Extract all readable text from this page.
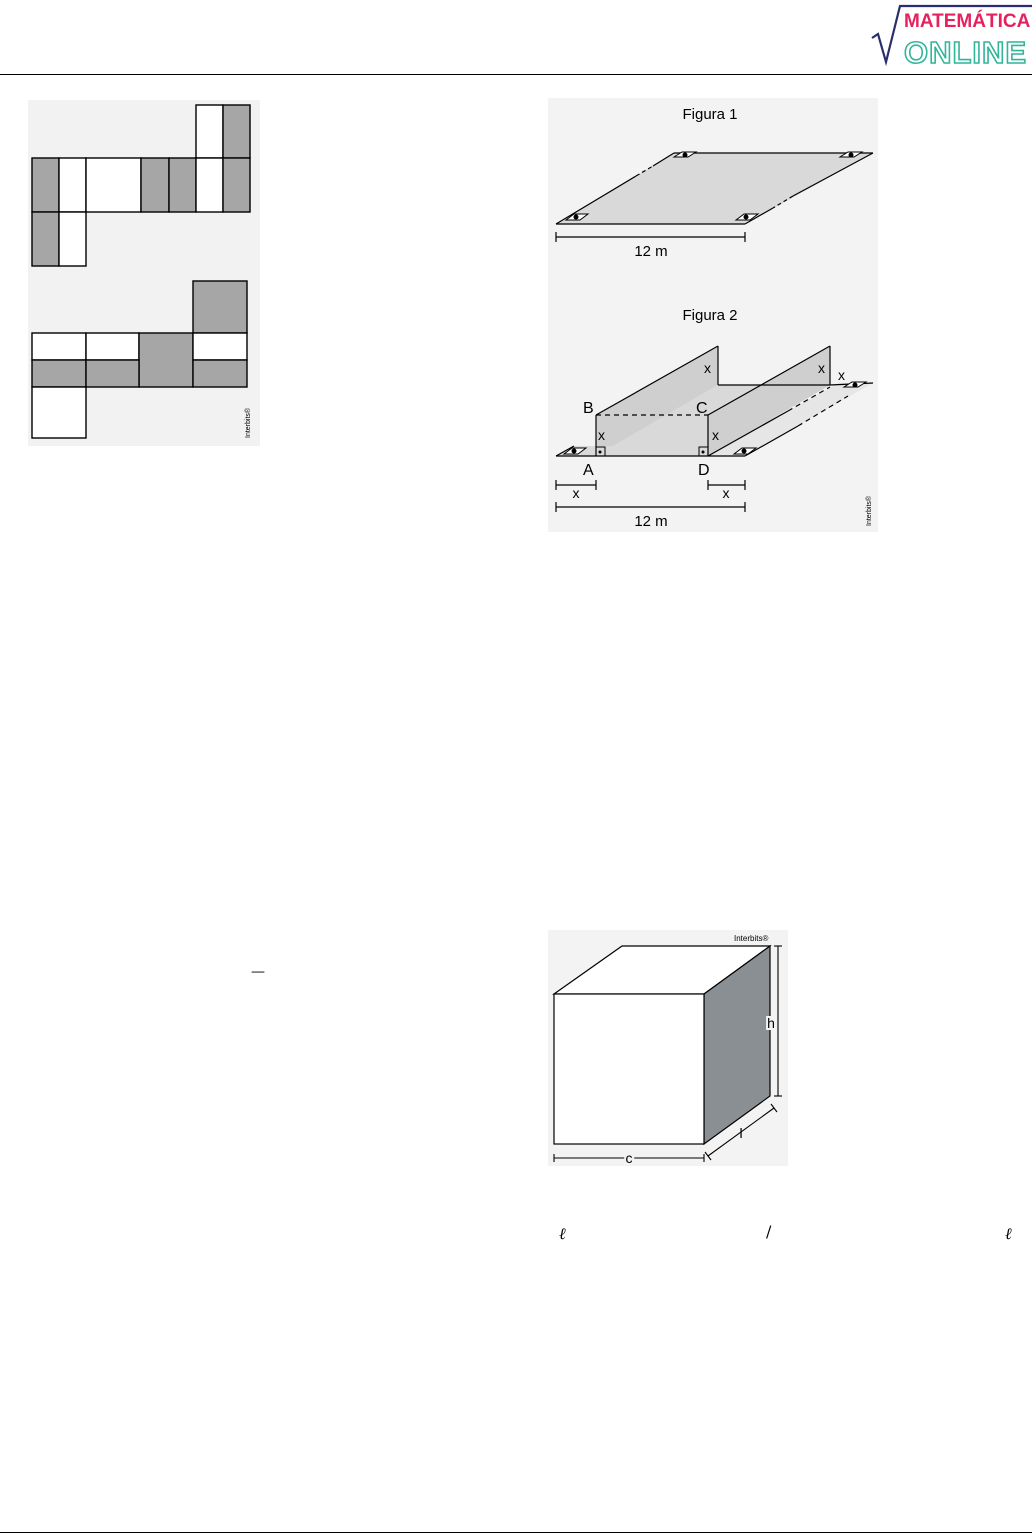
MATEMÁTICA
ONLINE
Interbits®
Figura 1
12 m
Figura 2
B	C
A	D
x	x
x	x x
x	x
12 m	Interbits®
—
ℓ	/	ℓ
Interbits®
h
l
c
